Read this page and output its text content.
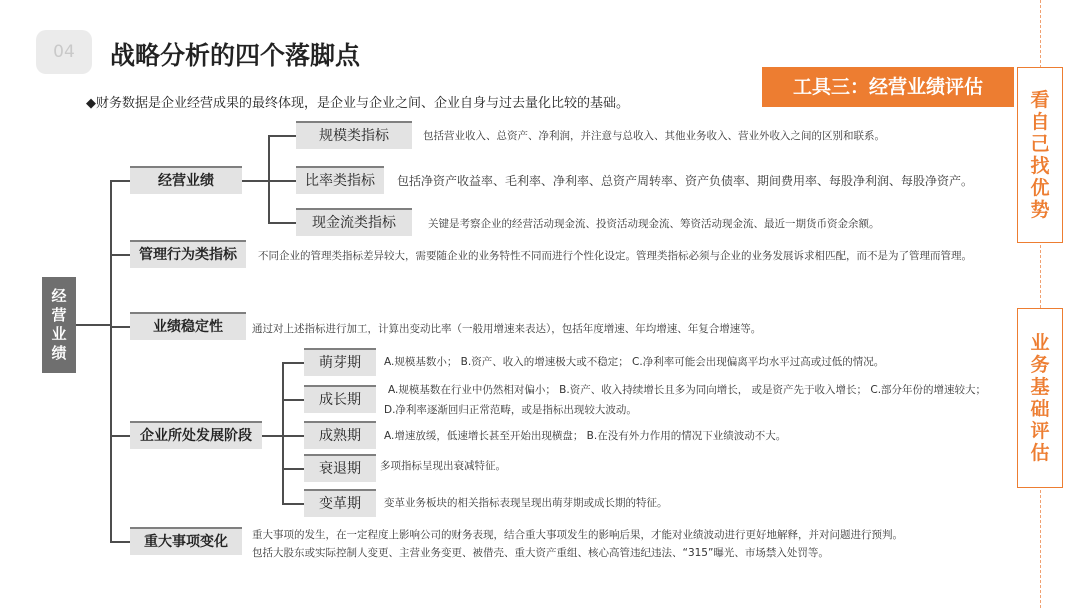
04	战略分析的四个落脚点
◆财务数据是企业经营成果的最终体现，是企业与企业之间、企业自身与过去量化比较的基础。
工具三：经营业绩评估
看
自
己
找
优
势
业
务
基
础
评
估
经
营
业
绩
经营业绩
规模类指标	包括营业收入、总资产、净利润，并注意与总收入、其他业务收入、营业外收入之间的区别和联系。
比率类指标	包括净资产收益率、毛利率、净利率、总资产周转率、资产负债率、期间费用率、每股净利润、每股净资产。
现金流类指标	关键是考察企业的经营活动现金流、投资活动现金流、筹资活动现金流、最近一期货币资金余额。
管理行为类指标	不同企业的管理类指标差异较大，需要随企业的业务特性不同而进行个性化设定。管理类指标必须与企业的业务发展诉求相匹配，而不是为了管理而管理。
业绩稳定性	通过对上述指标进行加工，计算出变动比率（一般用增速来表达），包括年度增速、年均增速、年复合增速等。
企业所处发展阶段
萌芽期	A.规模基数小； B.资产、收入的增速极大或不稳定； C.净利率可能会出现偏离平均水平过高或过低的情况。
成长期
A.规模基数在行业中仍然相对偏小； B.资产、收入持续增长且多为同向增长， 或是资产先于收入增长； C.部分年份的增速较大；
D.净利率逐渐回归正常范畴，或是指标出现较大波动。
成熟期	A.增速放缓，低速增长甚至开始出现横盘； B.在没有外力作用的情况下业绩波动不大。
衰退期	多项指标呈现出衰减特征。
变革期	变革业务板块的相关指标表现呈现出萌芽期或成长期的特征。
重大事项变化	重大事项的发生，在一定程度上影响公司的财务表现，结合重大事项发生的影响后果，才能对业绩波动进行更好地解释，并对问题进行预判。
包括大股东或实际控制人变更、主营业务变更、被借壳、重大资产重组、核心高管违纪违法、“315”曝光、市场禁入处罚等。
